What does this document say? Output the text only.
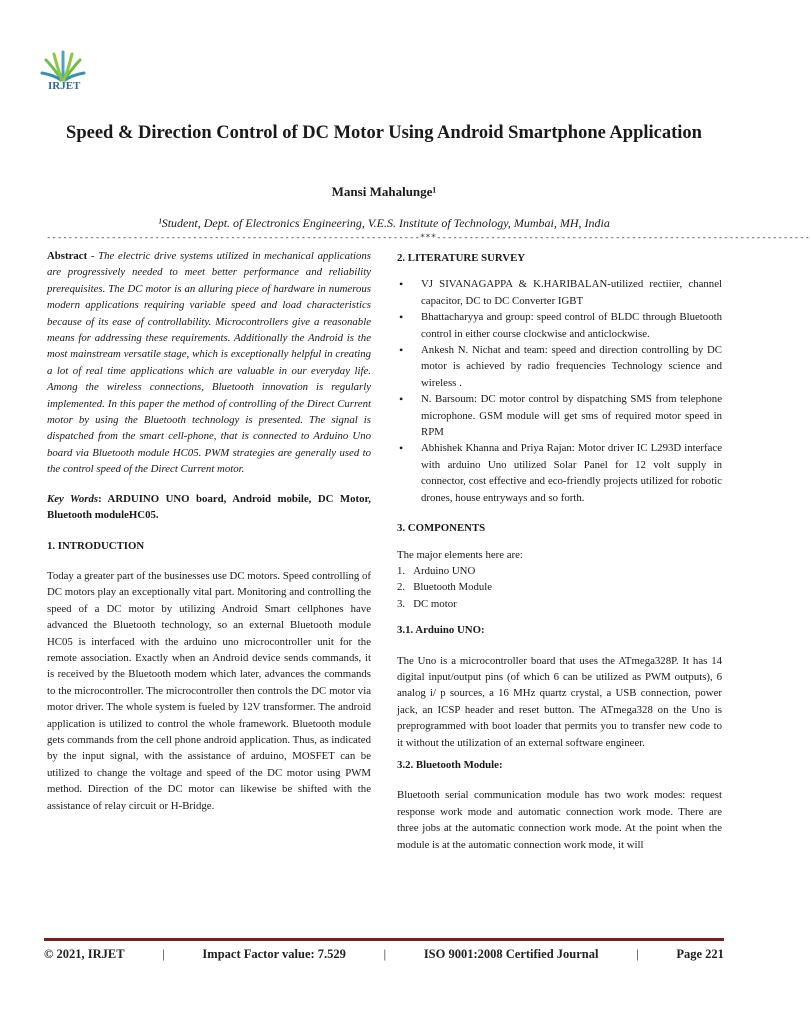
IRJET
Speed & Direction Control of DC Motor Using Android Smartphone Application
Mansi Mahalunge¹
¹Student, Dept. of Electronics Engineering, V.E.S. Institute of Technology, Mumbai, MH, India
---------------------------------------------------------------------***---------------------------------------------------------------------

Abstract - The electric drive systems utilized in mechanical applications are progressively needed to meet better performance and reliability prerequisites. The DC motor is an alluring piece of hardware in numerous modern applications requiring variable speed and load characteristics because of its ease of controllability. Microcontrollers give a reasonable means for addressing these requirements. Additionally the Android is the most mainstream versatile stage, which is exceptionally helpful in creating a lot of real time applications which are valuable in our everyday life. Among the wireless connections, Bluetooth innovation is regularly implemented. In this paper the method of controlling of the Direct Current motor by using the Bluetooth technology is presented. The signal is dispatched from the smart cell-phone, that is connected to Arduino Uno board via Bluetooth module HC05. PWM strategies are generally used to the control speed of the Direct Current motor.

Key Words: ARDUINO UNO board, Android mobile, DC Motor, Bluetooth moduleHC05.

1. INTRODUCTION

Today a greater part of the businesses use DC motors. Speed controlling of DC motors play an exceptionally vital part. Monitoring and controlling the speed of a DC motor by utilizing Android Smart cellphones have advanced the Bluetooth technology, so an external Bluetooth module HC05 is interfaced with the arduino uno microcontroller unit for the remote association. Exactly when an Android device sends commands, it is received by the Bluetooth modem which later, advances the commands to the microcontroller. The microcontroller then controls the DC motor via motor driver. The whole system is fueled by 12V transformer. The android application is utilized to control the whole framework. Bluetooth module gets commands from the cell phone android application. Thus, as indicated by the input signal, with the assistance of arduino, MOSFET can be utilized to change the voltage and speed of the DC motor using PWM method. Direction of the DC motor can likewise be shifted with the assistance of relay circuit or H-Bridge.

2. LITERATURE SURVEY

• VJ SIVANAGAPPA & K.HARIBALAN-utilized rectiier, channel capacitor, DC to DC Converter IGBT
• Bhattacharyya and group: speed control of BLDC through Bluetooth control in either course clockwise and anticlockwise.
• Ankesh N. Nichat and team: speed and direction controlling by DC motor is achieved by radio frequencies Technology science and wireless .
• N. Barsoum: DC motor control by dispatching SMS from telephone microphone. GSM module will get sms of required motor speed in RPM
• Abhishek Khanna and Priya Rajan: Motor driver IC L293D interface with arduino Uno utilized Solar Panel for 12 volt supply in connector, cost effective and eco-friendly projects utilized for robotic drones, house entryways and so forth.

3. COMPONENTS

The major elements here are:

1.   Arduino UNO
2.   Bluetooth Module
3.   DC motor

3.1. Arduino UNO:

The Uno is a microcontroller board that uses the ATmega328P. It has 14 digital input/output pins (of which 6 can be utilized as PWM outputs), 6 analog i/ p sources, a 16 MHz quartz crystal, a USB connection, power jack, an ICSP header and reset button. The ATmega328 on the Uno is preprogrammed with boot loader that permits you to transfer new code to it without the utilization of an external software engineer.

3.2. Bluetooth Module:

Bluetooth serial communication module has two work modes: request response work mode and automatic connection work mode. There are three jobs at the automatic connection work mode. At the point when the module is at the automatic connection work mode, it will

© 2021, IRJET	|	Impact Factor value: 7.529	|	ISO 9001:2008 Certified Journal	|	Page 221
